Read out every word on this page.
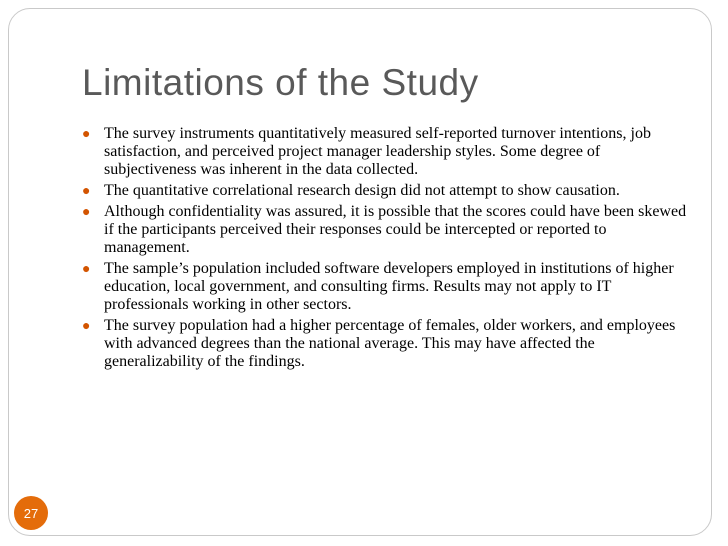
Limitations of the Study
● The survey instruments quantitatively measured self-reported turnover intentions, job satisfaction, and perceived project manager leadership styles. Some degree of subjectiveness was inherent in the data collected.
● The quantitative correlational research design did not attempt to show causation.
● Although confidentiality was assured, it is possible that the scores could have been skewed if the participants perceived their responses could be intercepted or reported to management.
● The sample’s population included software developers employed in institutions of higher education, local government, and consulting firms. Results may not apply to IT professionals working in other sectors.
● The survey population had a higher percentage of females, older workers, and employees with advanced degrees than the national average. This may have affected the generalizability of the findings.
27
